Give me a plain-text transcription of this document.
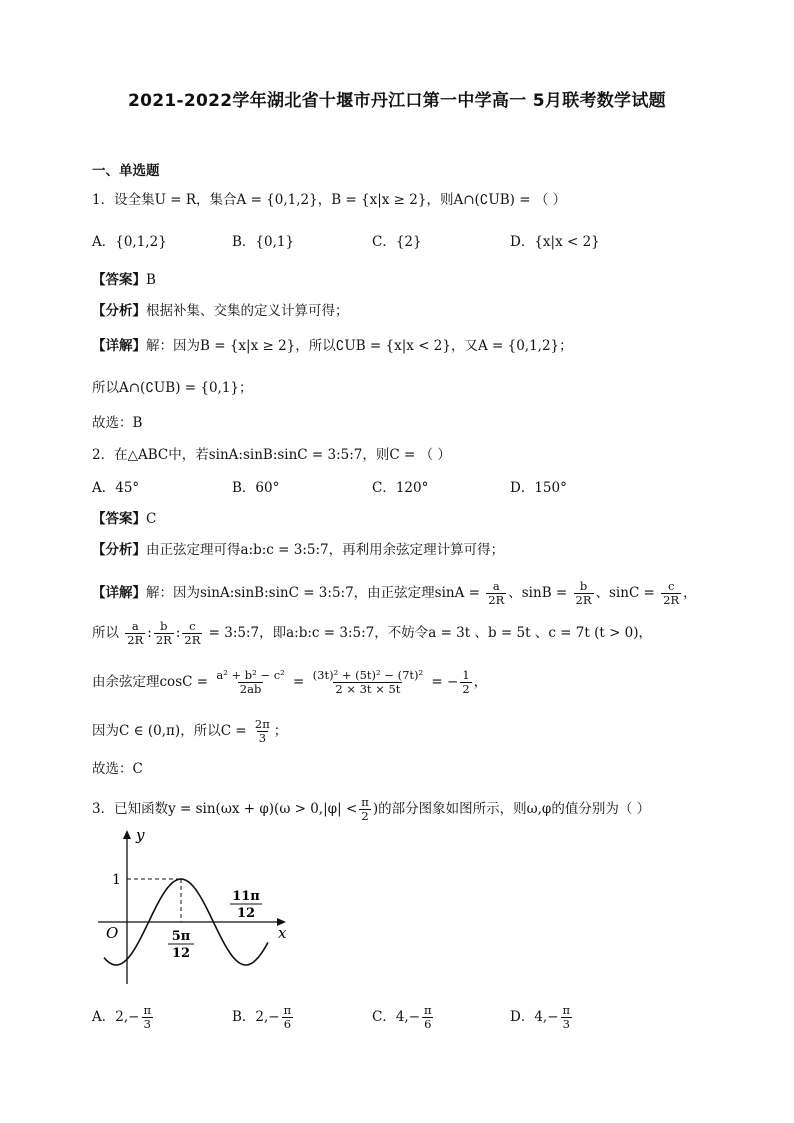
2021-2022学年湖北省十堰市丹江口第一中学高一 5月联考数学试题
一、单选题
1．设全集U = R，集合A = {0,1,2}，B = {x|x ≥ 2}，则A∩(∁UB) = （ ）
A．{0,1,2}	B．{0,1}	C．{2}	D．{x|x < 2}
【答案】B
【分析】根据补集、交集的定义计算可得；
【详解】解：因为B = {x|x ≥ 2}，所以∁UB = {x|x < 2}，又A = {0,1,2}；
所以A∩(∁UB) = {0,1}；
故选：B
2．在△ABC中，若sinA:sinB:sinC = 3:5:7，则C = （ ）
A．45°	B．60°	C．120°	D．150°
【答案】C
【分析】由正弦定理可得a:b:c = 3:5:7，再利用余弦定理计算可得；
【详解】解：因为sinA:sinB:sinC = 3:5:7，由正弦定理$\sin A = \frac{a}{2R}$ 、$\sin B = \frac{b}{2R}$ 、$\sin C = \frac{c}{2R}$ ，
所以 $\frac{a}{2R}$ : $\frac{b}{2R}$ : $\frac{c}{2R}$ = 3:5:7，即a:b:c = 3:5:7，不妨令a = 3t 、b = 5t 、c = 7t (t > 0)，
由余弦定理$\cos C = \frac{\text{a² + b² − c²}}{2ab} = \frac{\text{(3t)² + (5t)² − (7t)²}}{2 \times 3t \times 5t}$ = − $\frac{1}{2}$ ，
因为C ∈ (0,π)，所以$C = \frac{2\pi}{3}$ ；
故选：C
3．已知函数$y = \sin(\omega x + \varphi)(\omega > 0,|\varphi| < \frac{\pi}{2}$ )的部分图象如图所示，则ω,φ的值分别为（ ）
y
x
O
1
5π
12
11π
12
A．$2,- \frac{\pi}{3}$	B．$2,- \frac{\pi}{6}$	C．$4,- \frac{\pi}{6}$	D．$4,- \frac{\pi}{3}$
